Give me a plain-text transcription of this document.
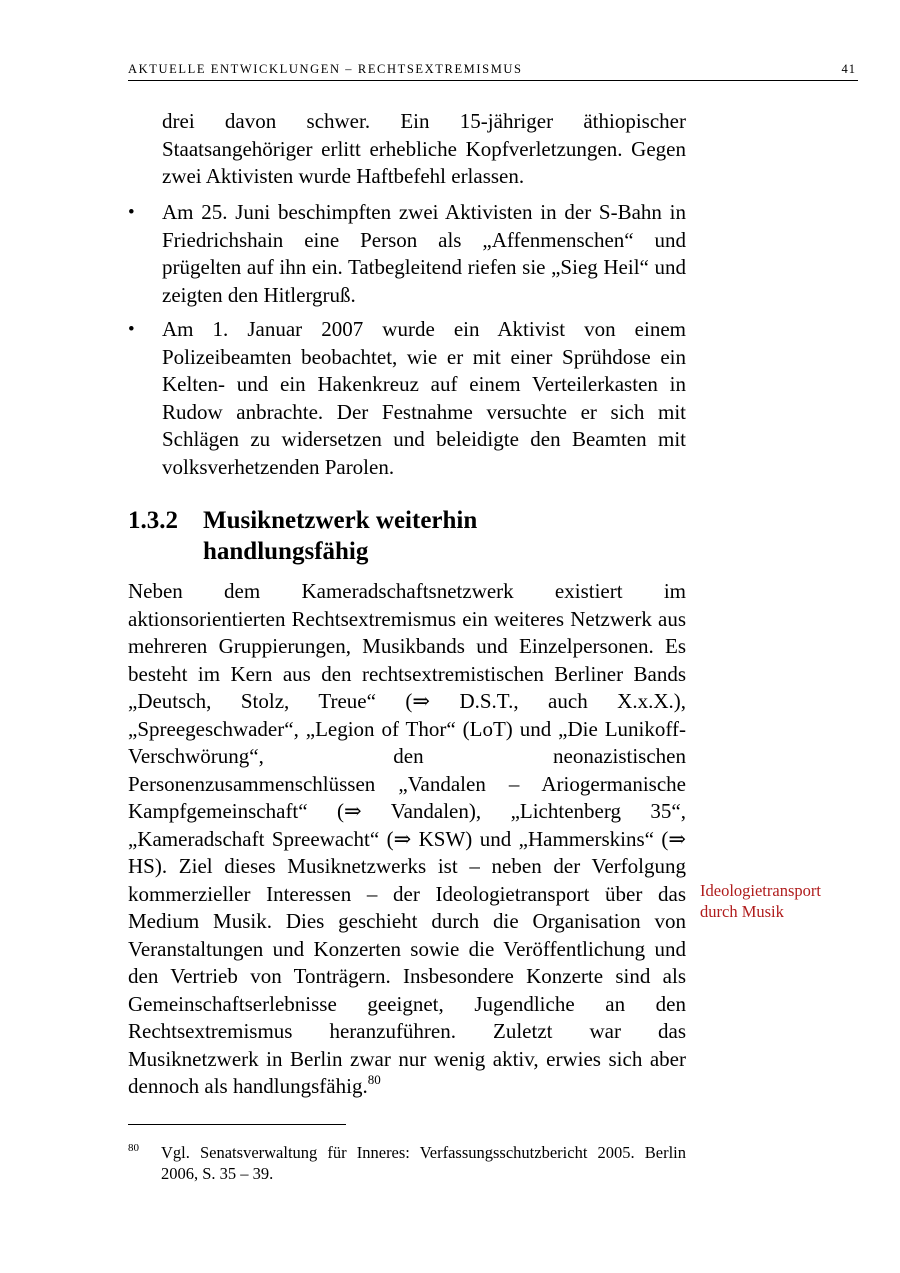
AKTUELLE ENTWICKLUNGEN – RECHTSEXTREMISMUS	41
drei davon schwer. Ein 15-jähriger äthiopischer Staatsangehöriger erlitt erhebliche Kopfverletzungen. Gegen zwei Aktivisten wurde Haftbefehl erlassen.
•	Am 25. Juni beschimpften zwei Aktivisten in der S-Bahn in Friedrichshain eine Person als „Affenmenschen“ und prügelten auf ihn ein. Tatbegleitend riefen sie „Sieg Heil“ und zeigten den Hitlergruß.
•	Am 1. Januar 2007 wurde ein Aktivist von einem Polizeibeamten beobachtet, wie er mit einer Sprühdose ein Kelten- und ein Hakenkreuz auf einem Verteilerkasten in Rudow anbrachte. Der Festnahme versuchte er sich mit Schlägen zu widersetzen und beleidigte den Beamten mit volksverhetzenden Parolen.
1.3.2	Musiknetzwerk weiterhin handlungsfähig

Neben dem Kameradschaftsnetzwerk existiert im aktionsorientierten Rechtsextremismus ein weiteres Netzwerk aus mehreren Gruppierungen, Musikbands und Einzelpersonen. Es besteht im Kern aus den rechtsextremistischen Berliner Bands „Deutsch, Stolz, Treue“ (⇒ D.S.T., auch X.x.X.), „Spreegeschwader“, „Legion of Thor“ (LoT) und „Die Lunikoff-Verschwörung“, den neonazistischen Personenzusammenschlüssen „Vandalen – Ariogermanische Kampfgemeinschaft“ (⇒ Vandalen), „Lichtenberg 35“, „Kameradschaft Spreewacht“ (⇒ KSW) und „Hammerskins“ (⇒ HS). Ziel dieses Musiknetzwerks ist – neben der Verfolgung kommerzieller Interessen – der Ideologietransport über das Medium Musik. Dies geschieht durch die Organisation von Veranstaltungen und Konzerten sowie die Veröffentlichung und den Vertrieb von Tonträgern. Insbesondere Konzerte sind als Gemeinschaftserlebnisse geeignet, Jugendliche an den Rechtsextremismus heranzuführen. Zuletzt war das Musiknetzwerk in Berlin zwar nur wenig aktiv, erwies sich aber dennoch als handlungsfähig.$^{80}$

Ideologietransport durch Musik
80	Vgl. Senatsverwaltung für Inneres: Verfassungsschutzbericht 2005. Berlin 2006, S. 35 – 39.
